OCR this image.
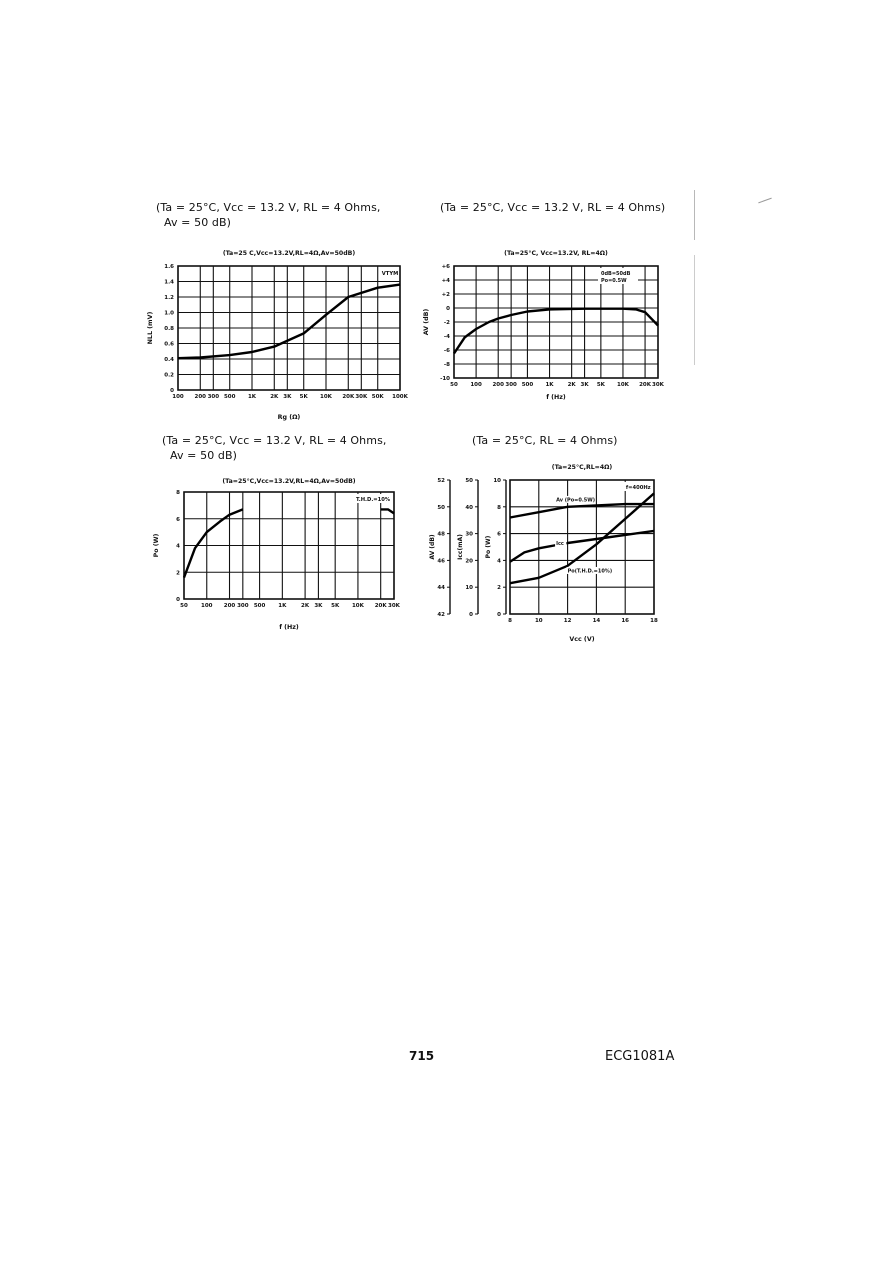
(Ta = 25°C, Vcc = 13.2 V, RL = 4 Ohms,
Av = 50 dB)
(Ta = 25°C, Vcc = 13.2 V, RL = 4 Ohms)
(Ta = 25°C, Vcc = 13.2 V, RL = 4 Ohms,
Av = 50 dB)
(Ta = 25°C, RL = 4 Ohms)
(Ta=25 C,Vcc=13.2V,RL=4Ω,Av=50dB)
100 200 300 500 1K	2K 3K 5K 10K 20K 30K 50K 100K
0
0.2
0.4
0.6
0.8
1.0
1.2
1.4
1.6
NLL (mV)
Rg (Ω)
VTYM
(Ta=25°C, Vcc=13.2V, RL=4Ω)
50 100 200 300 500 1K	2K 3K 5K 10K 20K 30K
+6
+4
+2
0
-2
-4
-6
-8
-10
AV (dB)
f (Hz)
0dB=50dB
Po=0.5W
(Ta=25°C,Vcc=13.2V,RL=4Ω,Av=50dB)
50 100 200 300 500 1K	2K 3K 5K 10K 20K 30K
0
2
4
6
8
Po (W)
f (Hz)
T.H.D.=10%
(Ta=25°C,RL=4Ω)
8	10	12	14	16	18
52
50
48
46
44
42
AV (dB)
50
40
30
20
10
0
Icc(mA)
10
8
6
4
2
0
Po (W)
Vcc (V)
f=400Hz
Av (Po=0.5W)
Icc
Po(T.H.D.=10%)
715	ECG1081A
